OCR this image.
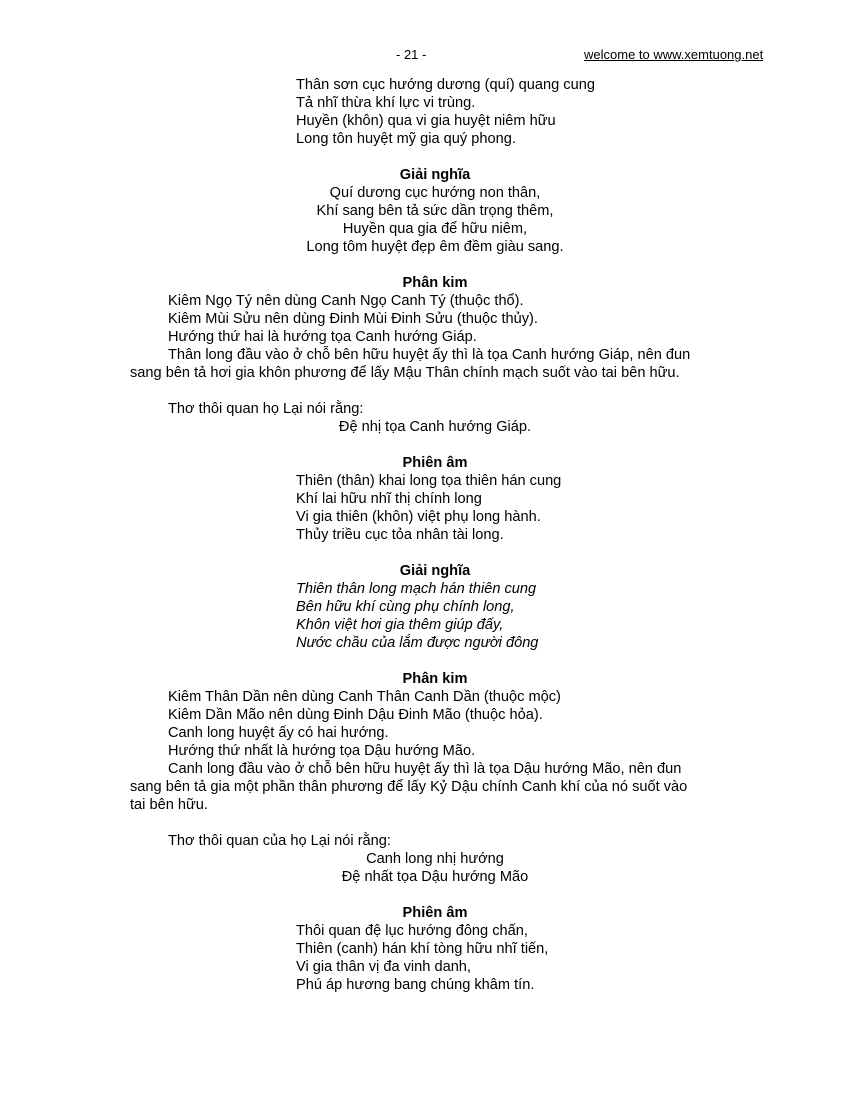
- 21 -	welcome to www.xemtuong.net
Thân sơn cục hướng dương (quí) quang cung
Tả nhĩ thừa khí lực vi trùng.
Huyền (khôn) qua vi gia huyệt niêm hữu
Long tôn huyệt mỹ gia quý phong.
Giải nghĩa
Quí dương cục hướng non thân,
Khí sang bên tả sức dần trọng thêm,
Huyền qua gia để hữu niêm,
Long tôm huyệt đẹp êm đềm giàu sang.
Phân kim
Kiêm Ngọ Tý nên dùng Canh Ngọ Canh Tý (thuộc thổ).
Kiêm Mùi Sửu nên dùng Đinh Mùi Đinh Sửu (thuộc thủy).
Hướng thứ hai là hướng tọa Canh hướng Giáp.
Thân long đầu vào ở chỗ bên hữu huyệt ấy thì là tọa Canh hướng Giáp, nên đun
sang bên tả hơi gia khôn phương để lấy Mậu Thân chính mạch suốt vào tai bên hữu.
Thơ thôi quan họ Lại nói rằng:
Đệ nhị tọa Canh hướng Giáp.
Phiên âm
Thiên (thân) khai long tọa thiên hán cung
Khí lai hữu nhĩ thị chính long
Vi gia thiên (khôn) việt phụ long hành.
Thủy triều cục tỏa nhân tài long.
Giải nghĩa
Thiên thân long mạch hán thiên cung
Bên hữu khí cùng phụ chính long,
Khôn việt hơi gia thêm giúp đấy,
Nước chầu của lắm được người đông
Phân kim
Kiêm Thân Dần nên dùng Canh Thân Canh Dần (thuộc mộc)
Kiêm Dần Mão nên dùng Đinh Dậu Đinh Mão (thuộc hỏa).
Canh long huyệt ấy có hai hướng.
Hướng thứ nhất là hướng tọa Dậu hướng Mão.
Canh long đầu vào ở chỗ bên hữu huyệt ấy thì là tọa Dậu hướng Mão, nên đun
sang bên tả gia một phần thân phương để lấy Kỷ Dậu chính Canh khí của nó suốt vào
tai bên hữu.
Thơ thôi quan của họ Lại nói rằng:
Canh long nhị hướng
Đệ nhất tọa Dậu hướng Mão
Phiên âm
Thôi quan đệ lục hướng đông chấn,
Thiên (canh) hán khí tòng hữu nhĩ tiến,
Vi gia thân vị đa vinh danh,
Phú áp hương bang chúng khâm tín.
